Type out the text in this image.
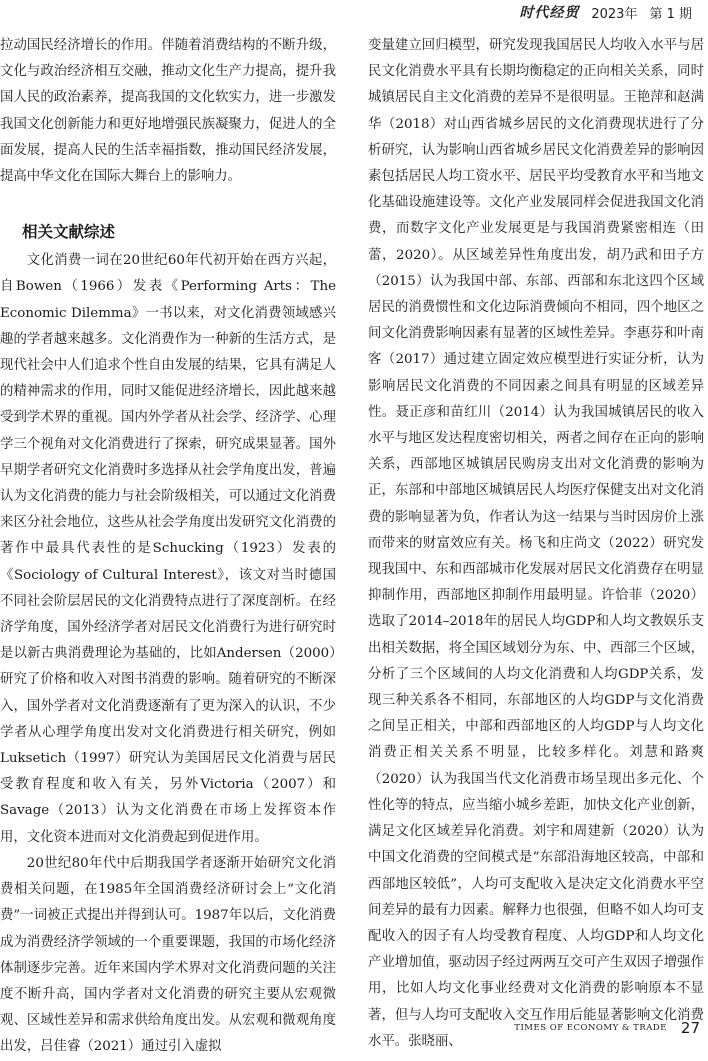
时代经贸 2023年 第 1 期

拉动国民经济增长的作用。伴随着消费结构的不断升级，文化与政治经济相互交融，推动文化生产力提高，提升我国人民的政治素养，提高我国的文化软实力，进一步激发我国文化创新能力和更好地增强民族凝聚力，促进人的全面发展，提高人民的生活幸福指数，推动国民经济发展，提高中华文化在国际大舞台上的影响力。

相关文献综述

文化消费一词在20世纪60年代初开始在西方兴起，自Bowen（1966）发表《Performing Arts：The Economic Dilemma》一书以来，对文化消费领域感兴趣的学者越来越多。文化消费作为一种新的生活方式，是现代社会中人们追求个性自由发展的结果，它具有满足人的精神需求的作用，同时又能促进经济增长，因此越来越受到学术界的重视。国内外学者从社会学、经济学、心理学三个视角对文化消费进行了探索，研究成果显著。国外早期学者研究文化消费时多选择从社会学角度出发，普遍认为文化消费的能力与社会阶级相关，可以通过文化消费来区分社会地位，这些从社会学角度出发研究文化消费的著作中最具代表性的是Schucking（1923）发表的《Sociology of Cultural Interest》，该文对当时德国不同社会阶层居民的文化消费特点进行了深度剖析。在经济学角度，国外经济学者对居民文化消费行为进行研究时是以新古典消费理论为基础的，比如Andersen（2000）研究了价格和收入对图书消费的影响。随着研究的不断深入，国外学者对文化消费逐渐有了更为深入的认识，不少学者从心理学角度出发对文化消费进行相关研究，例如Luksetich（1997）研究认为美国居民文化消费与居民受教育程度和收入有关，另外Victoria（2007）和Savage（2013）认为文化消费在市场上发挥资本作用，文化资本进而对文化消费起到促进作用。

20世纪80年代中后期我国学者逐渐开始研究文化消费相关问题，在1985年全国消费经济研讨会上“文化消费”一词被正式提出并得到认可。1987年以后，文化消费成为消费经济学领域的一个重要课题，我国的市场化经济体制逐步完善。近年来国内学术界对文化消费问题的关注度不断升高，国内学者对文化消费的研究主要从宏观微观、区域性差异和需求供给角度出发。从宏观和微观角度出发，吕佳睿（2021）通过引入虚拟

变量建立回归模型，研究发现我国居民人均收入水平与居民文化消费水平具有长期均衡稳定的正向相关关系，同时城镇居民自主文化消费的差异不是很明显。王艳萍和赵满华（2018）对山西省城乡居民的文化消费现状进行了分析研究，认为影响山西省城乡居民文化消费差异的影响因素包括居民人均工资水平、居民平均受教育水平和当地文化基础设施建设等。文化产业发展同样会促进我国文化消费，而数字文化产业发展更是与我国消费紧密相连（田蕾，2020）。从区域差异性角度出发，胡乃武和田子方（2015）认为我国中部、东部、西部和东北这四个区域居民的消费惯性和文化边际消费倾向不相同，四个地区之间文化消费影响因素有显著的区域性差异。李惠芬和叶南客（2017）通过建立固定效应模型进行实证分析，认为影响居民文化消费的不同因素之间具有明显的区域差异性。聂正彦和苗红川（2014）认为我国城镇居民的收入水平与地区发达程度密切相关，两者之间存在正向的影响关系，西部地区城镇居民购房支出对文化消费的影响为正，东部和中部地区城镇居民人均医疗保健支出对文化消费的影响显著为负，作者认为这一结果与当时因房价上涨而带来的财富效应有关。杨飞和庄尚文（2022）研究发现我国中、东和西部城市化发展对居民文化消费存在明显抑制作用，西部地区抑制作用最明显。许恰菲（2020）选取了2014–2018年的居民人均GDP和人均文教娱乐支出相关数据，将全国区域划分为东、中、西部三个区域，分析了三个区域间的人均文化消费和人均GDP关系，发现三种关系各不相同，东部地区的人均GDP与文化消费之间呈正相关，中部和西部地区的人均GDP与人均文化消费正相关关系不明显，比较多样化。刘慧和路爽（2020）认为我国当代文化消费市场呈现出多元化、个性化等的特点，应当缩小城乡差距，加快文化产业创新，满足文化区域差异化消费。刘宇和周建新（2020）认为中国文化消费的空间模式是“东部沿海地区较高，中部和西部地区较低”，人均可支配收入是决定文化消费水平空间差异的最有力因素。解释力也很强，但略不如人均可支配收入的因子有人均受教育程度、人均GDP和人均文化产业增加值，驱动因子经过两两互交可产生双因子增强作用，比如人均文化事业经费对文化消费的影响原本不显著，但与人均可支配收入交互作用后能显著影响文化消费水平。张晓丽、

TIMES OF ECONOMY & TRADE 27
